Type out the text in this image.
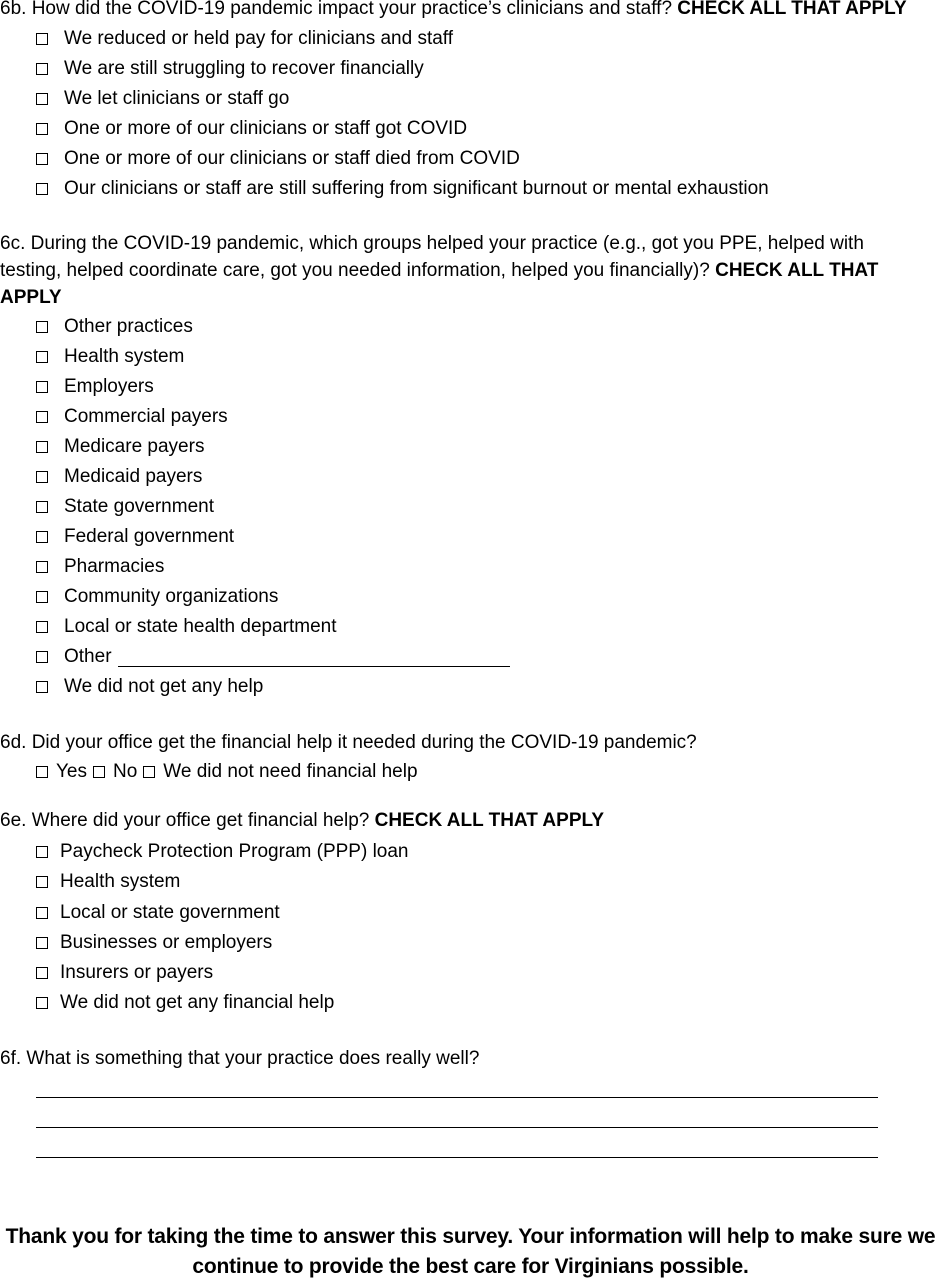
6b. How did the COVID-19 pandemic impact your practice’s clinicians and staff? CHECK ALL THAT APPLY
We reduced or held pay for clinicians and staff
We are still struggling to recover financially
We let clinicians or staff go
One or more of our clinicians or staff got COVID
One or more of our clinicians or staff died from COVID
Our clinicians or staff are still suffering from significant burnout or mental exhaustion
6c. During the COVID-19 pandemic, which groups helped your practice (e.g., got you PPE, helped with
testing, helped coordinate care, got you needed information, helped you financially)? CHECK ALL THAT
APPLY
Other practices
Health system
Employers
Commercial payers
Medicare payers
Medicaid payers
State government
Federal government
Pharmacies
Community organizations
Local or state health department
Other
We did not get any help
6d. Did your office get the financial help it needed during the COVID-19 pandemic?
Yes No We did not need financial help
6e. Where did your office get financial help? CHECK ALL THAT APPLY
Paycheck Protection Program (PPP) loan
Health system
Local or state government
Businesses or employers
Insurers or payers
We did not get any financial help
6f. What is something that your practice does really well?
Thank you for taking the time to answer this survey. Your information will help to make sure we
continue to provide the best care for Virginians possible.
